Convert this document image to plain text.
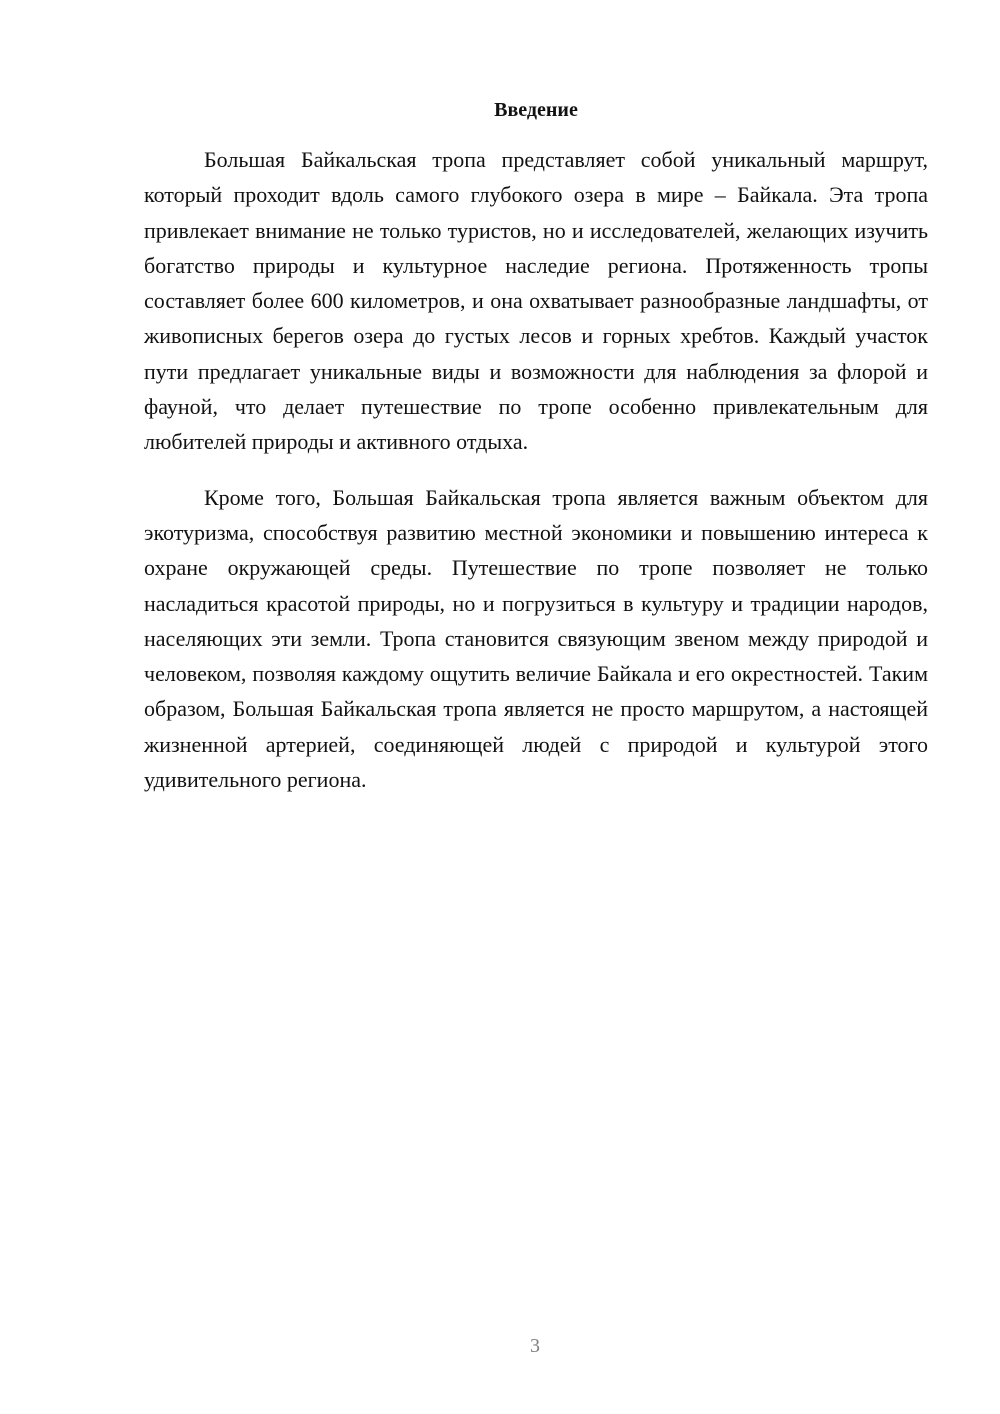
Введение

Большая Байкальская тропа представляет собой уникальный маршрут, который проходит вдоль самого глубокого озера в мире – Байкала. Эта тропа привлекает внимание не только туристов, но и исследователей, желающих изучить богатство природы и культурное наследие региона. Протяженность тропы составляет более 600 километров, и она охватывает разнообразные ландшафты, от живописных берегов озера до густых лесов и горных хребтов. Каждый участок пути предлагает уникальные виды и возможности для наблюдения за флорой и фауной, что делает путешествие по тропе особенно привлекательным для любителей природы и активного отдыха.

Кроме того, Большая Байкальская тропа является важным объектом для экотуризма, способствуя развитию местной экономики и повышению интереса к охране окружающей среды. Путешествие по тропе позволяет не только насладиться красотой природы, но и погрузиться в культуру и традиции народов, населяющих эти земли. Тропа становится связующим звеном между природой и человеком, позволяя каждому ощутить величие Байкала и его окрестностей. Таким образом, Большая Байкальская тропа является не просто маршрутом, а настоящей жизненной артерией, соединяющей людей с природой и культурой этого удивительного региона.

3
